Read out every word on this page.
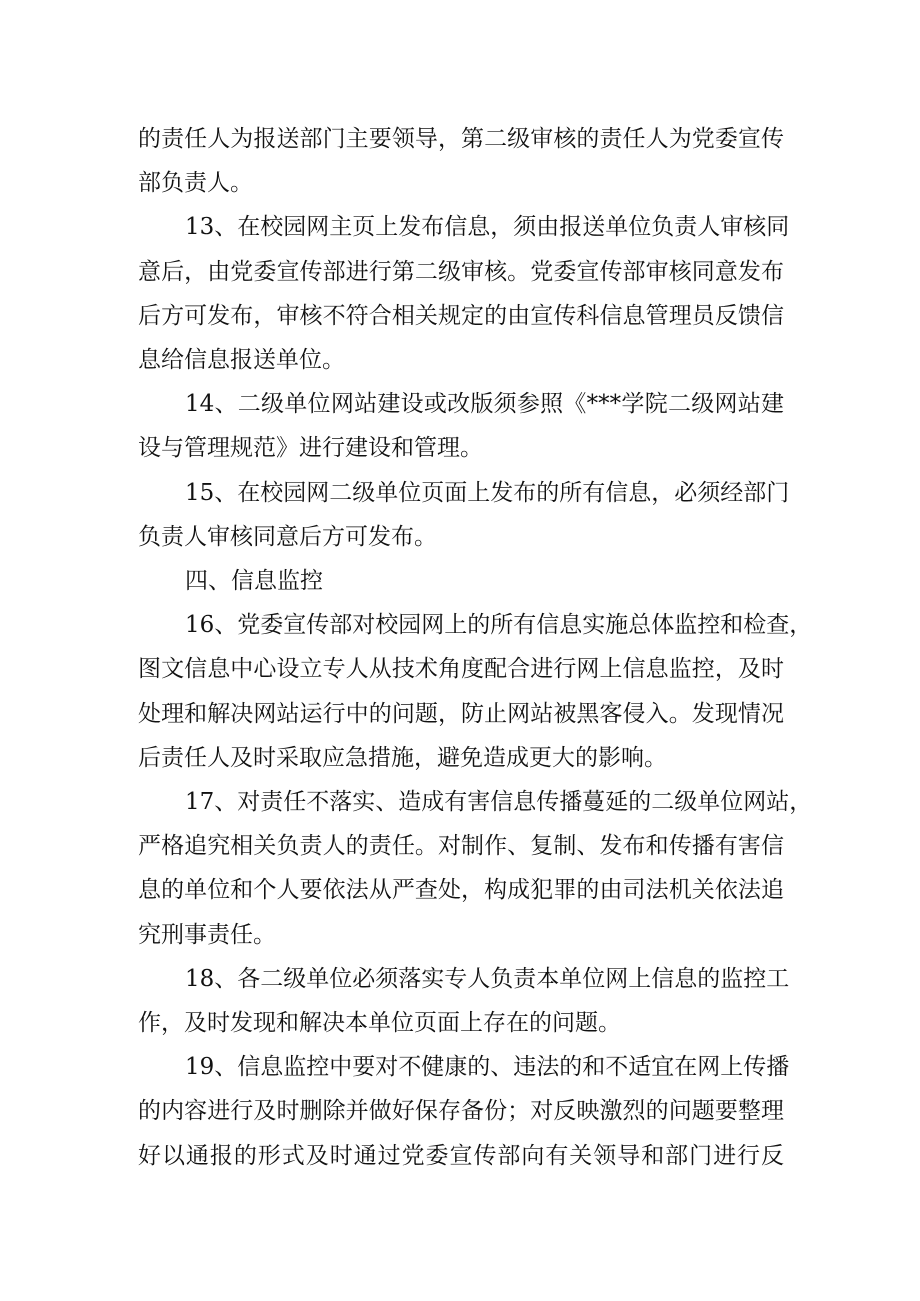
的责任人为报送部门主要领导，第二级审核的责任人为党委宣传
部负责人。
13、在校园网主页上发布信息，须由报送单位负责人审核同
意后，由党委宣传部进行第二级审核。党委宣传部审核同意发布
后方可发布，审核不符合相关规定的由宣传科信息管理员反馈信
息给信息报送单位。
14、二级单位网站建设或改版须参照《***学院二级网站建
设与管理规范》进行建设和管理。
15、在校园网二级单位页面上发布的所有信息，必须经部门
负责人审核同意后方可发布。
四、信息监控
16、党委宣传部对校园网上的所有信息实施总体监控和检查，
图文信息中心设立专人从技术角度配合进行网上信息监控，及时
处理和解决网站运行中的问题，防止网站被黑客侵入。发现情况
后责任人及时采取应急措施，避免造成更大的影响。
17、对责任不落实、造成有害信息传播蔓延的二级单位网站，
严格追究相关负责人的责任。对制作、复制、发布和传播有害信
息的单位和个人要依法从严查处，构成犯罪的由司法机关依法追
究刑事责任。
18、各二级单位必须落实专人负责本单位网上信息的监控工
作，及时发现和解决本单位页面上存在的问题。
19、信息监控中要对不健康的、违法的和不适宜在网上传播
的内容进行及时删除并做好保存备份；对反映激烈的问题要整理
好以通报的形式及时通过党委宣传部向有关领导和部门进行反
